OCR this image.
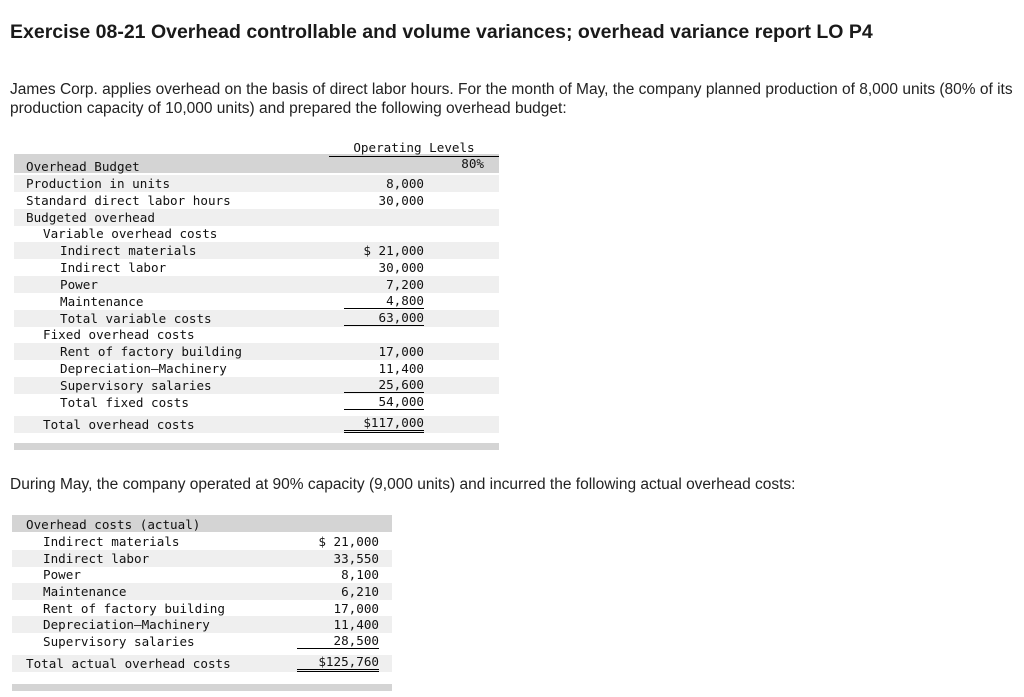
Exercise 08-21 Overhead controllable and volume variances; overhead variance report LO P4
James Corp. applies overhead on the basis of direct labor hours. For the month of May, the company planned production of 8,000 units (80% of its production capacity of 10,000 units) and prepared the following overhead budget:
Operating Levels
80%
Overhead Budget
Production in units	8,000
Standard direct labor hours	30,000
Budgeted overhead
Variable overhead costs
Indirect materials	$ 21,000
Indirect labor	30,000
Power	7,200
Maintenance	4,800
Total variable costs	63,000
Fixed overhead costs
Rent of factory building	17,000
Depreciation—Machinery	11,400
Supervisory salaries	25,600
Total fixed costs	54,000
Total overhead costs	$117,000
During May, the company operated at 90% capacity (9,000 units) and incurred the following actual overhead costs:
Overhead costs (actual)
Indirect materials	$ 21,000
Indirect labor	33,550
Power	8,100
Maintenance	6,210
Rent of factory building	17,000
Depreciation—Machinery	11,400
Supervisory salaries	28,500
Total actual overhead costs	$125,760
